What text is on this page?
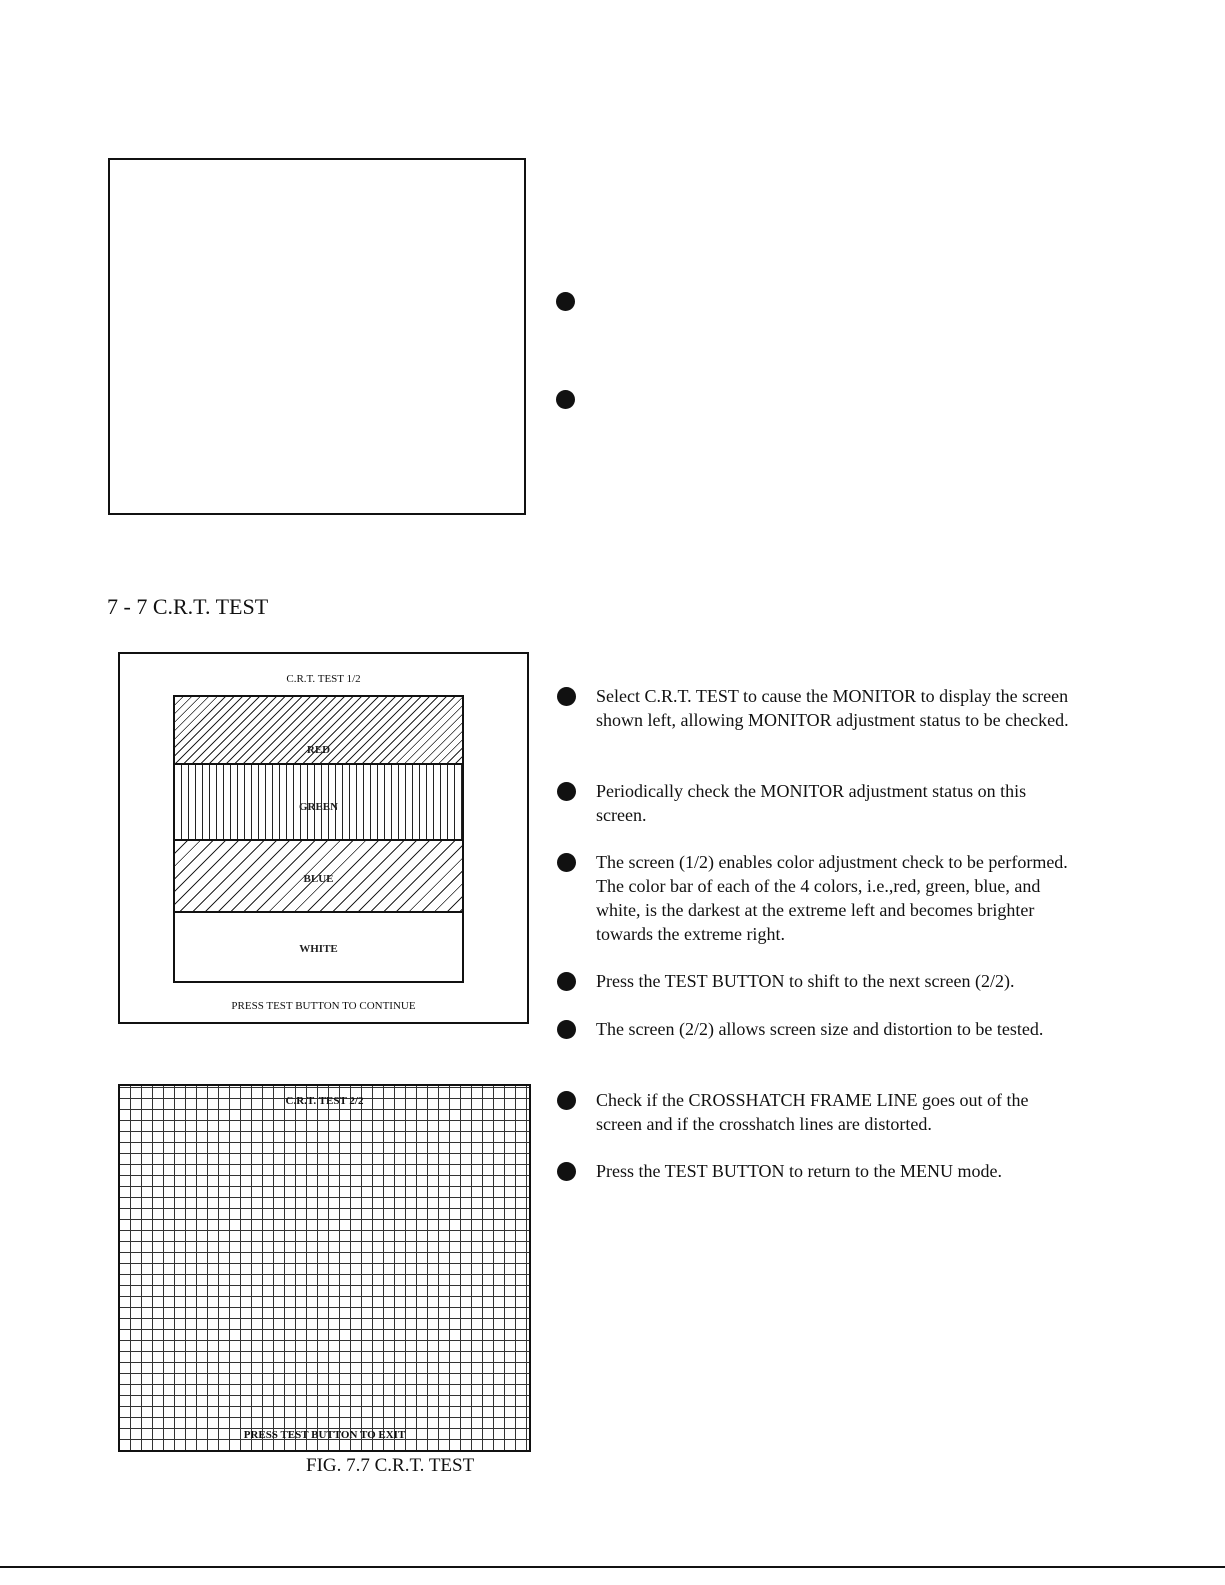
7 - 7 C.R.T. TEST
C.R.T. TEST 1/2
RED
GREEN
BLUE
WHITE
PRESS TEST BUTTON TO CONTINUE
C.R.T. TEST 2/2
PRESS TEST BUTTON TO EXIT
FIG. 7.7 C.R.T. TEST

Select C.R.T. TEST to cause the MONITOR to display the screen shown left, allowing MONITOR adjustment status to be checked.

Periodically check the MONITOR adjustment status on this screen.

The screen (1/2) enables color adjustment check to be performed. The color bar of each of the 4 colors, i.e.,red, green, blue, and white, is the darkest at the extreme left and becomes brighter towards the extreme right.

Press the TEST BUTTON to shift to the next screen (2/2).

The screen (2/2) allows screen size and distortion to be tested.

Check if the CROSSHATCH FRAME LINE goes out of the screen and if the crosshatch lines are distorted.

Press the TEST BUTTON to return to the MENU mode.
